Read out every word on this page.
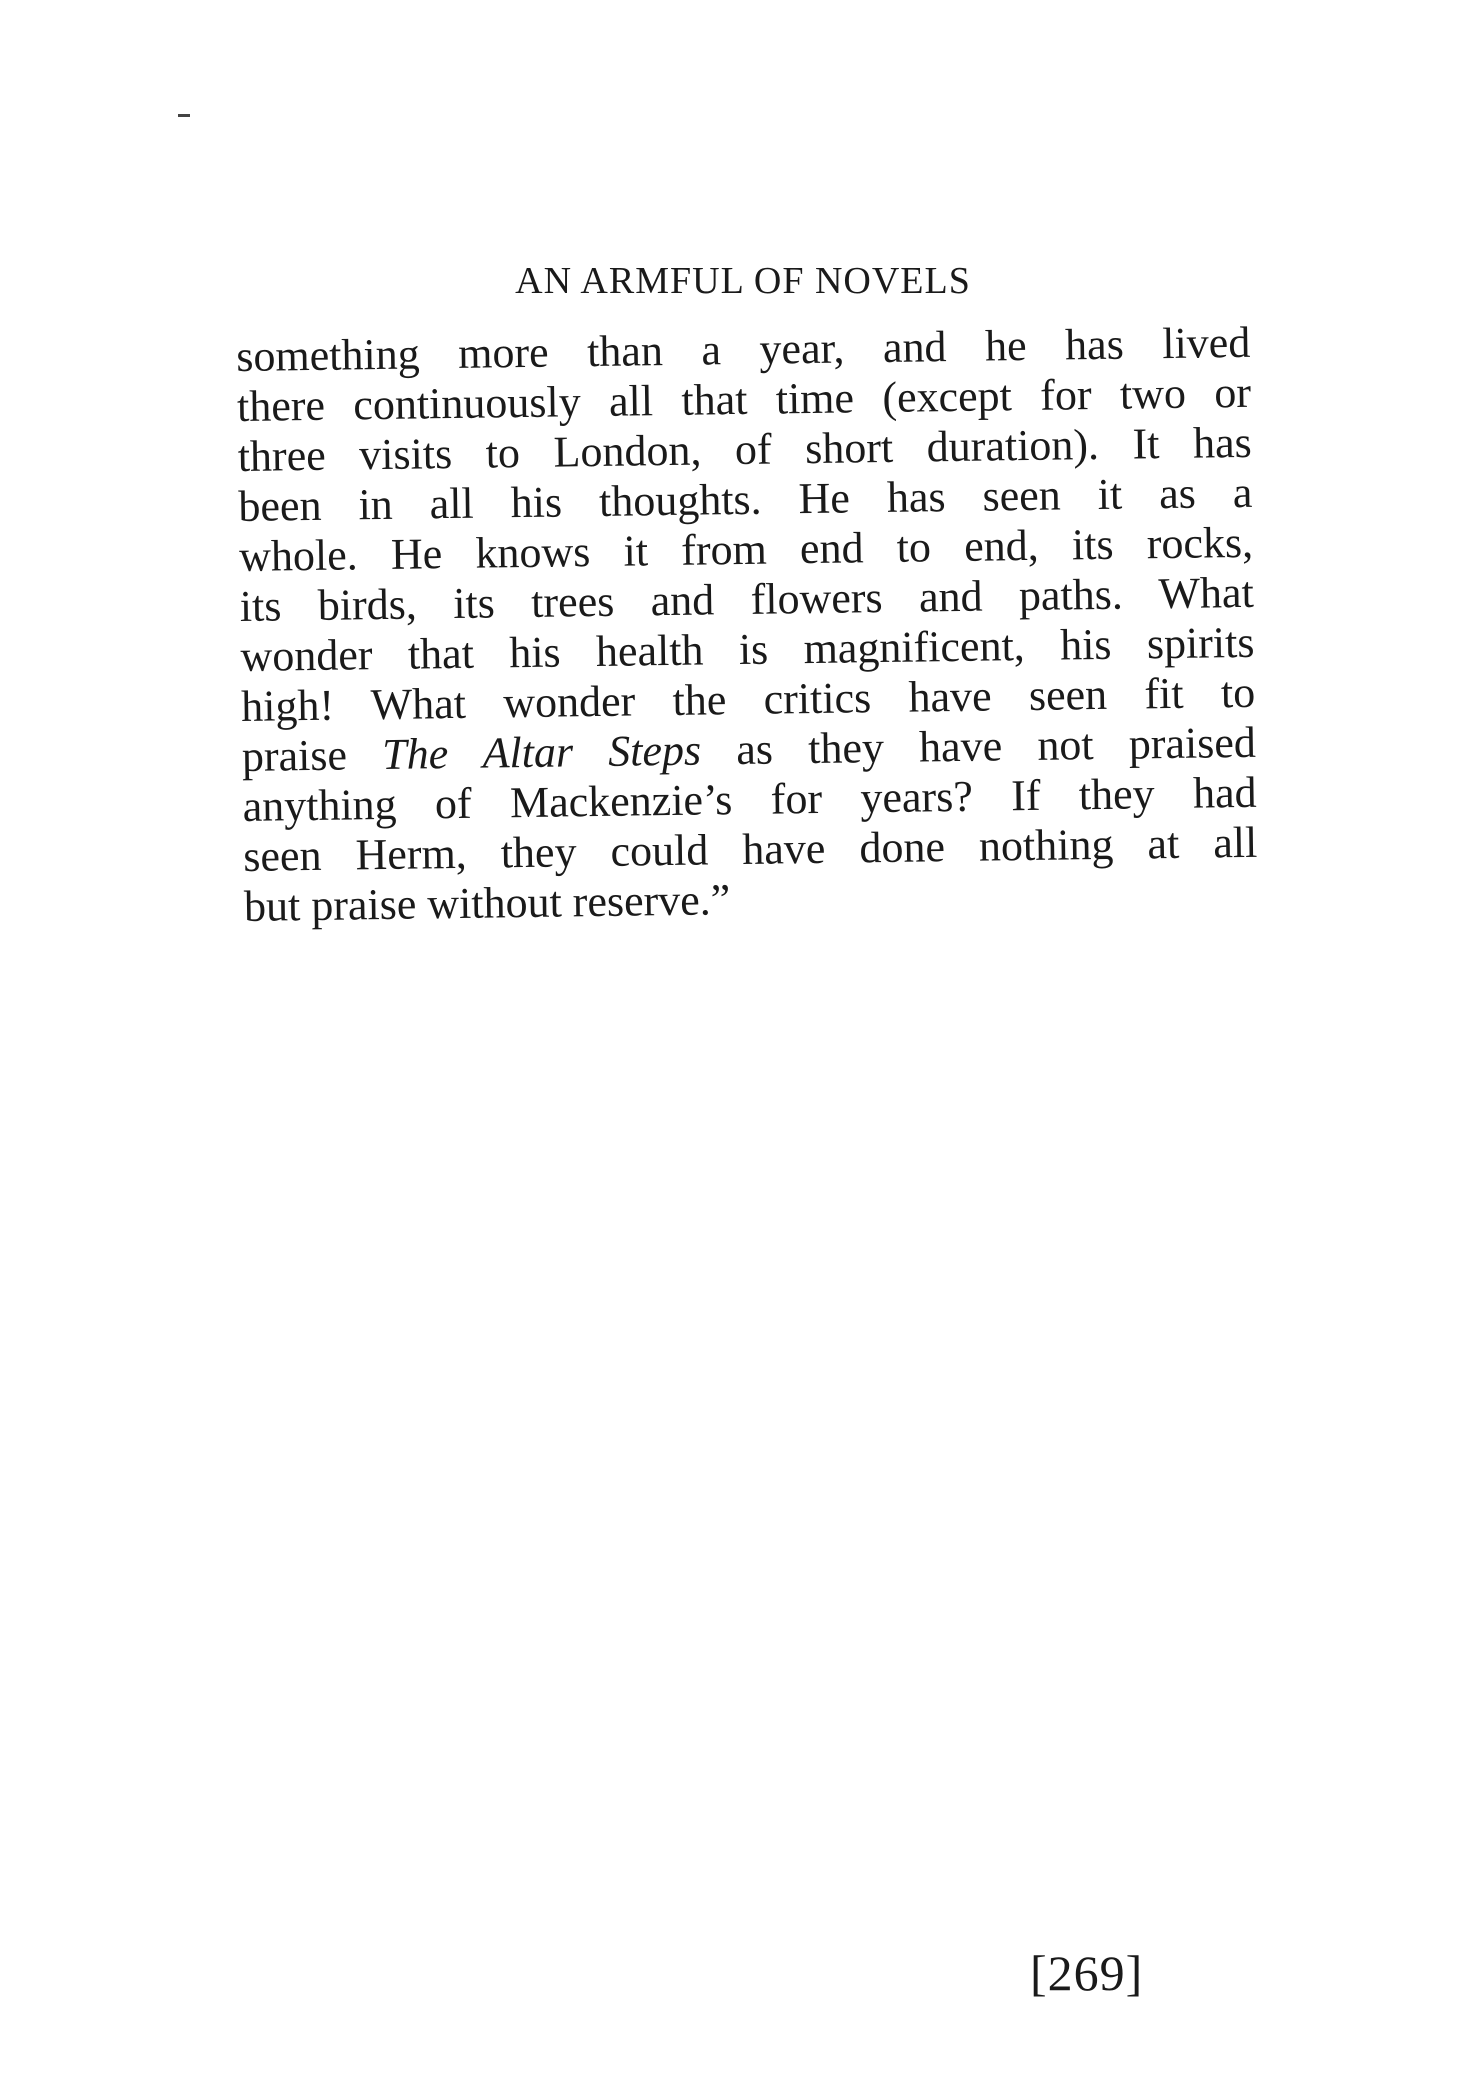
AN ARMFUL OF NOVELS
something more than a year, and he has lived
there continuously all that time (except for two or
three visits to London, of short duration). It has
been in all his thoughts. He has seen it as a
whole. He knows it from end to end, its rocks,
its birds, its trees and flowers and paths. What
wonder that his health is magnificent, his spirits
high! What wonder the critics have seen fit to
praise The Altar Steps as they have not praised
anything of Mackenzie’s for years? If they had
seen Herm, they could have done nothing at all
but praise without reserve.”
[269]
